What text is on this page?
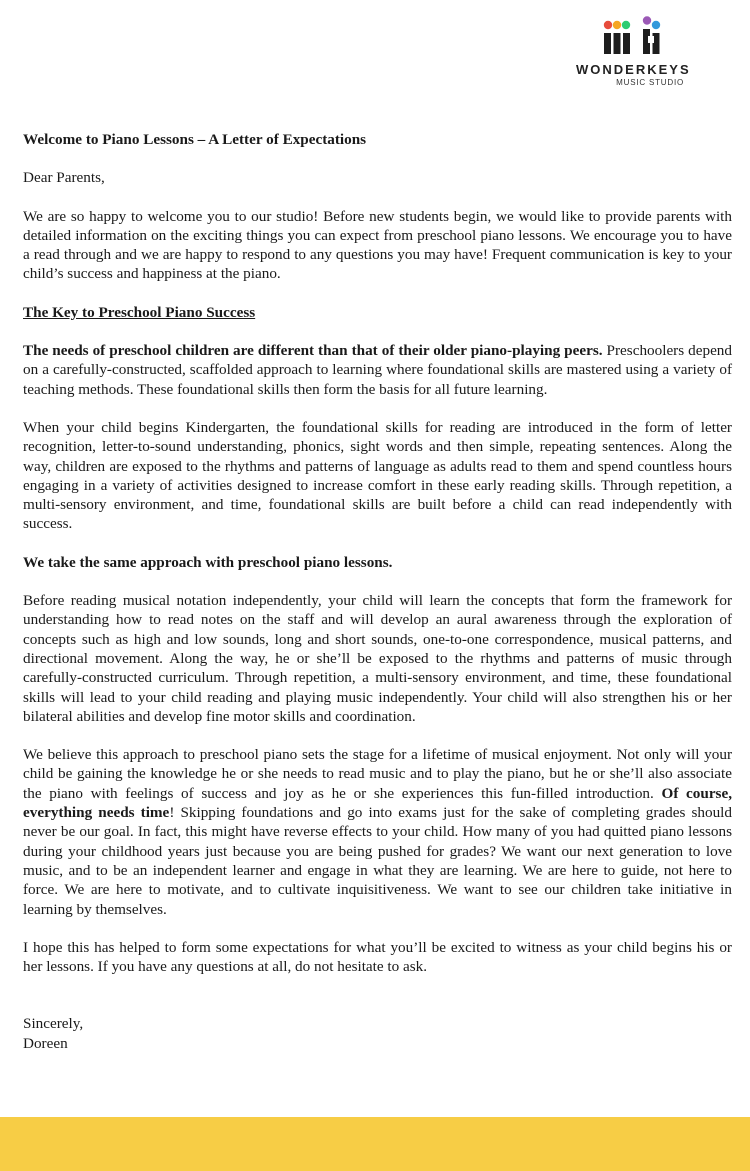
WONDERKEYS
MUSIC STUDIO

Welcome to Piano Lessons – A Letter of Expectations

Dear Parents,

We are so happy to welcome you to our studio! Before new students begin, we would like to provide parents with detailed information on the exciting things you can expect from preschool piano lessons. We encourage you to have a read through and we are happy to respond to any questions you may have! Frequent communication is key to your child’s success and happiness at the piano.

The Key to Preschool Piano Success

The needs of preschool children are different than that of their older piano-playing peers. Preschoolers depend on a carefully-constructed, scaffolded approach to learning where foundational skills are mastered using a variety of teaching methods. These foundational skills then form the basis for all future learning.

When your child begins Kindergarten, the foundational skills for reading are introduced in the form of letter recognition, letter-to-sound understanding, phonics, sight words and then simple, repeating sentences. Along the way, children are exposed to the rhythms and patterns of language as adults read to them and spend countless hours engaging in a variety of activities designed to increase comfort in these early reading skills. Through repetition, a multi-sensory environment, and time, foundational skills are built before a child can read independently with success.

We take the same approach with preschool piano lessons.

Before reading musical notation independently, your child will learn the concepts that form the framework for understanding how to read notes on the staff and will develop an aural awareness through the exploration of concepts such as high and low sounds, long and short sounds, one-to-one correspondence, musical patterns, and directional movement. Along the way, he or she’ll be exposed to the rhythms and patterns of music through carefully-constructed curriculum. Through repetition, a multi-sensory environment, and time, these foundational skills will lead to your child reading and playing music independently. Your child will also strengthen his or her bilateral abilities and develop fine motor skills and coordination.

We believe this approach to preschool piano sets the stage for a lifetime of musical enjoyment. Not only will your child be gaining the knowledge he or she needs to read music and to play the piano, but he or she’ll also associate the piano with feelings of success and joy as he or she experiences this fun-filled introduction. Of course, everything needs time! Skipping foundations and go into exams just for the sake of completing grades should never be our goal. In fact, this might have reverse effects to your child. How many of you had quitted piano lessons during your childhood years just because you are being pushed for grades? We want our next generation to love music, and to be an independent learner and engage in what they are learning. We are here to guide, not here to force. We are here to motivate, and to cultivate inquisitiveness. We want to see our children take initiative in learning by themselves.

I hope this has helped to form some expectations for what you’ll be excited to witness as your child begins his or her lessons. If you have any questions at all, do not hesitate to ask.

Sincerely,
Doreen
